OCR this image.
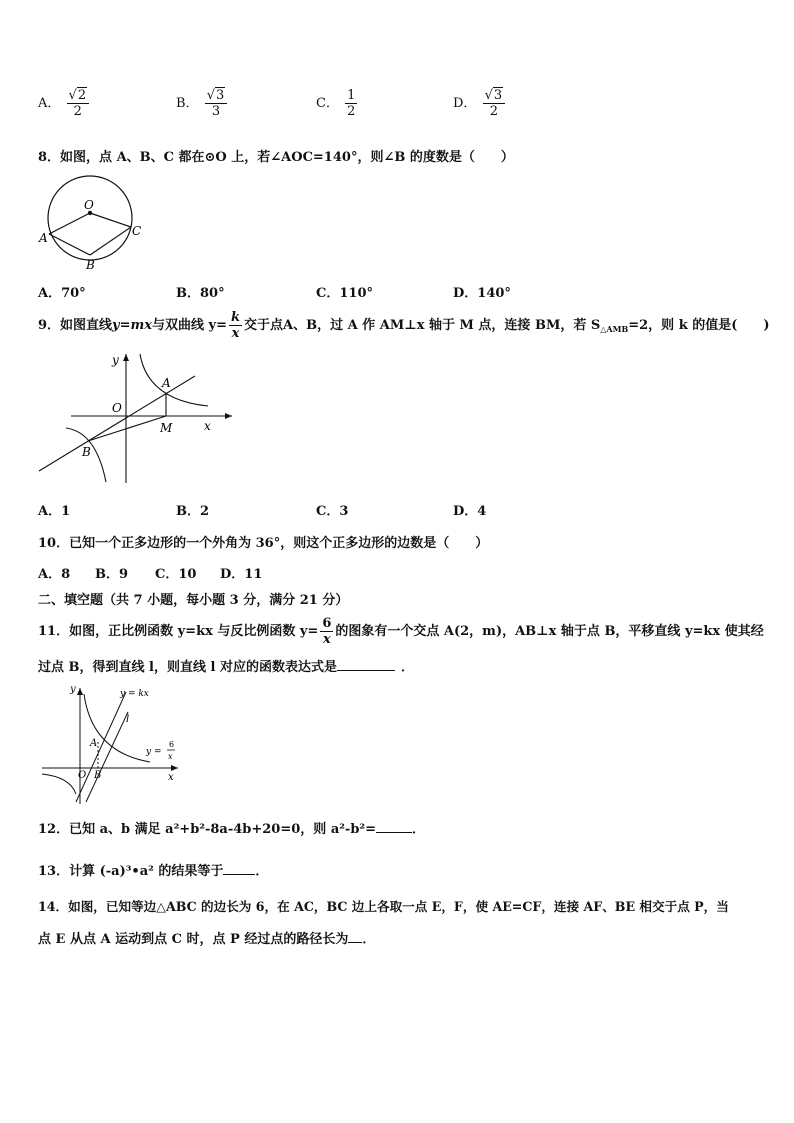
A． $\frac{√2}{2}$	B． $\frac{√3}{3}$	C． $\frac{1}{2}$	D． $\frac{√3}{2}$
8．如图，点 A、B、C 都在⊙O 上，若∠AOC=140°，则∠B 的度数是（　　）
O
A
B
C
A．70°	B．80°	C．110°	D．140°
9．如图直线y=mx与双曲线 $y= \frac{k}{x}$ 交于点A、B，过 A 作 AM⊥x 轴于 M 点，连接 BM，若 $S_{\triangle AMB}=2$，则 k 的值是(　　)
y
x
O
A
B
M
A．1	B．2	C．3	D．4
10．已知一个正多边形的一个外角为 36°，则这个正多边形的边数是（　　）
A．8 B．9 C．10 D．11
二、填空题（共 7 小题，每小题 3 分，满分 21 分）
11．如图，正比例函数 y=kx 与反比例函数 $y= \frac{6}{x}$ 的图象有一个交点 A(2，m)，AB⊥x 轴于点 B，平移直线 y=kx 使其经
过点 B，得到直线 l，则直线 l 对应的函数表达式是	．
y
x
O
A
B
l
y = kx
y =
6
x
12．已知 a、b 满足 a²+b²-8a-4b+20=0，则 a²-b²=	．
13．计算 (-a)³•a² 的结果等于 ．
14．如图，已知等边△ABC 的边长为 6，在 AC，BC 边上各取一点 E，F，使 AE=CF，连接 AF、BE 相交于点 P，当
点 E 从点 A 运动到点 C 时，点 P 经过点的路径长为 ．
